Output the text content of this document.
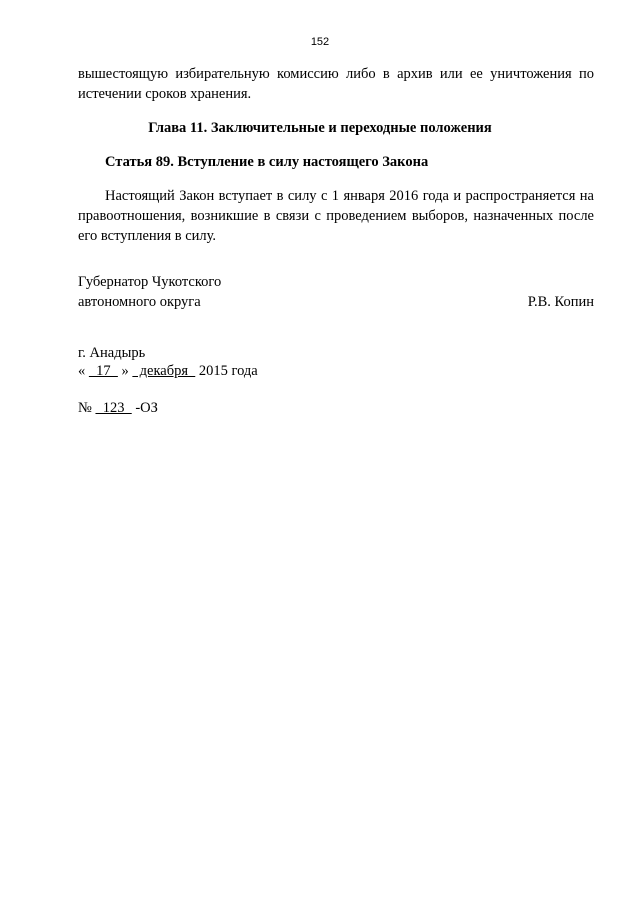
152
вышестоящую избирательную комиссию либо в архив или ее уничтожения по истечении сроков хранения.
Глава 11. Заключительные и переходные положения
Статья 89. Вступление в силу настоящего Закона
Настоящий Закон вступает в силу с 1 января 2016 года и распространяется на правоотношения, возникшие в связи с проведением выборов, назначенных после его вступления в силу.
Губернатор Чукотского
автономного округа	Р.В. Копин
г. Анадырь
«   17   »   декабря   2015 года
№   123   -ОЗ
